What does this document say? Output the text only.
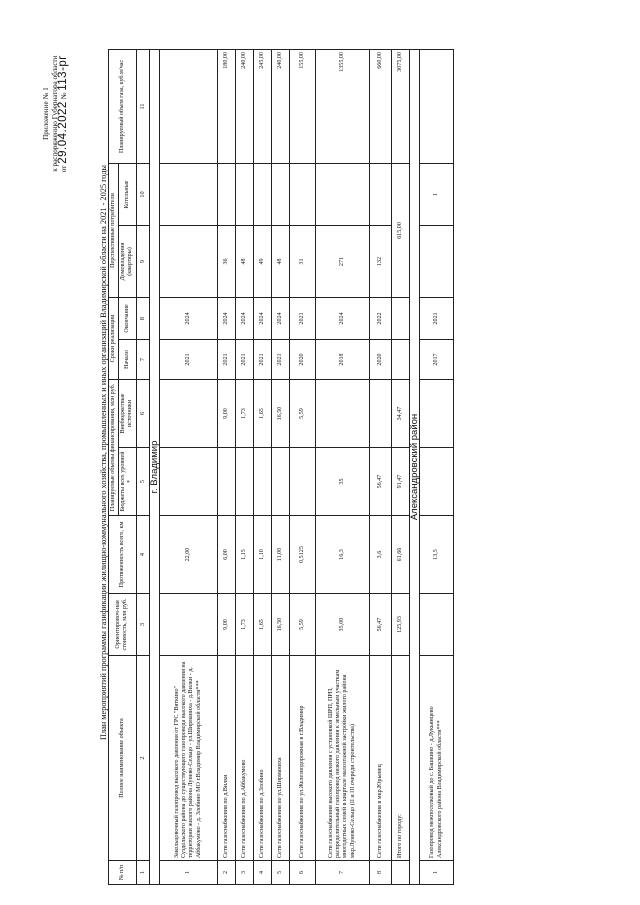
Приложение № 1 к распоряжению Губернатора области от 29.04.2022 № 113-рг
План мероприятий программы газификации жилищно-коммунального хозяйства, промышленных и иных организаций Владимирской области на 2021 - 2025 годы
№ п/п	Полное наименование объекта	Ориентировоч-ная стоимость, млн руб.	Протяженность всего, км	Планируемые объемы финансирования, млн руб.		Сроки реализации		Перспективные потребители		Планируемый объем газа, куб.м/час
				Бюджеты всех уровней *	Внебюджетные источники	Начало	Окончание	Домовладения (квартиры)	Котельные	
1	2	3	4	5	6	7	8	9	10	11
г. Владимир										
1	Закольцовочный газопровод высокого давления от ГРС "Вяткино" Суздольского района до существующего газопровода высокого давления на территории жилого района Лунево-Сельцо - ул.Ширманиха - д.Вилки - д. Аббакумово - д. Злобино МО г.Владимир Владимирской области***		22,00			2021	2024			
2	Сети газоснабжения по д.Вилки	9,00	6,00		9,00	2021	2024	36		180,00
3	Сети газоснабжения по д.Аббакумово	1,73	1,15		1,73	2021	2024	48		240,00
4	Сети газоснабжения по д.Злобино	1,65	1,10		1,65	2021	2024	49		245,00
5	Сети газоснабжения по ул.Ширманиха	16,50	11,00		16,50	2021	2024	48		240,00
6	Сети газоснабжения по ул.Железнодорожная в г.Владимир	5,59	0,5125		5,59	2020	2021	31		155,00
7	Сети газоснабжения высокого давления с установкой ШРП, ПРП, распределительный газопровод низкого давления к земельным участкам многодетных семей в квартале малоэтажной застройки жилого района мкр.Лунево-Сельцо (II и III очереди строительства)	35,00	16,3	35		2018	2024	271		1355,00
8	Сети газоснабжения в мкр.Юрьевец	56,47	3,6	56,47		2020	2022	132		660,00
	Итого по городу:	125,93	61,66	91,47	34,47			615,00		3075,00
Александровский район										
1	Газопровод межпоселковый до с. Башкино - д.Лукьянцево Александровского района Владимирской области***		13,5			2017	2021		1	
